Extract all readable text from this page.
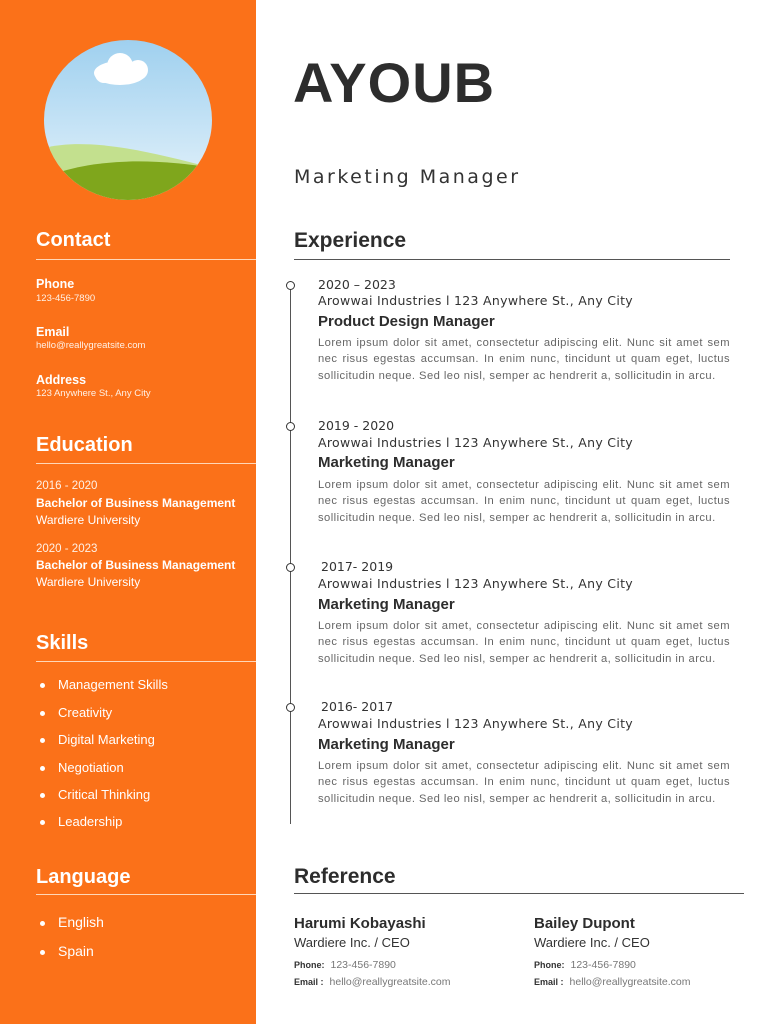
Contact
Phone
123-456-7890
Email
hello@reallygreatsite.com
Address
123 Anywhere St., Any City
Education
2016 - 2020
Bachelor of Business Management
Wardiere University
2020 - 2023
Bachelor of Business Management
Wardiere University
Skills
Management Skills
Creativity
Digital Marketing
Negotiation
Critical Thinking
Leadership
Language
English
Spain
AYOUB
Marketing Manager
Experience
2020 – 2023
Arowwai Industries l 123 Anywhere St., Any City
Product Design Manager

Lorem ipsum dolor sit amet, consectetur adipiscing elit. Nunc sit amet sem nec risus egestas accumsan. In enim nunc, tincidunt ut quam eget, luctus sollicitudin neque. Sed leo nisl, semper ac hendrerit a, sollicitudin in arcu.

2019 - 2020
Arowwai Industries l 123 Anywhere St., Any City
Marketing Manager

Lorem ipsum dolor sit amet, consectetur adipiscing elit. Nunc sit amet sem nec risus egestas accumsan. In enim nunc, tincidunt ut quam eget, luctus sollicitudin neque. Sed leo nisl, semper ac hendrerit a, sollicitudin in arcu.

2017- 2019
Arowwai Industries l 123 Anywhere St., Any City
Marketing Manager

Lorem ipsum dolor sit amet, consectetur adipiscing elit. Nunc sit amet sem nec risus egestas accumsan. In enim nunc, tincidunt ut quam eget, luctus sollicitudin neque. Sed leo nisl, semper ac hendrerit a, sollicitudin in arcu.

2016- 2017
Arowwai Industries l 123 Anywhere St., Any City
Marketing Manager

Lorem ipsum dolor sit amet, consectetur adipiscing elit. Nunc sit amet sem nec risus egestas accumsan. In enim nunc, tincidunt ut quam eget, luctus sollicitudin neque. Sed leo nisl, semper ac hendrerit a, sollicitudin in arcu.

Reference
Harumi Kobayashi
Wardiere Inc. / CEO
Phone: 123-456-7890
Email : hello@reallygreatsite.com
Bailey Dupont
Wardiere Inc. / CEO
Phone: 123-456-7890
Email : hello@reallygreatsite.com
